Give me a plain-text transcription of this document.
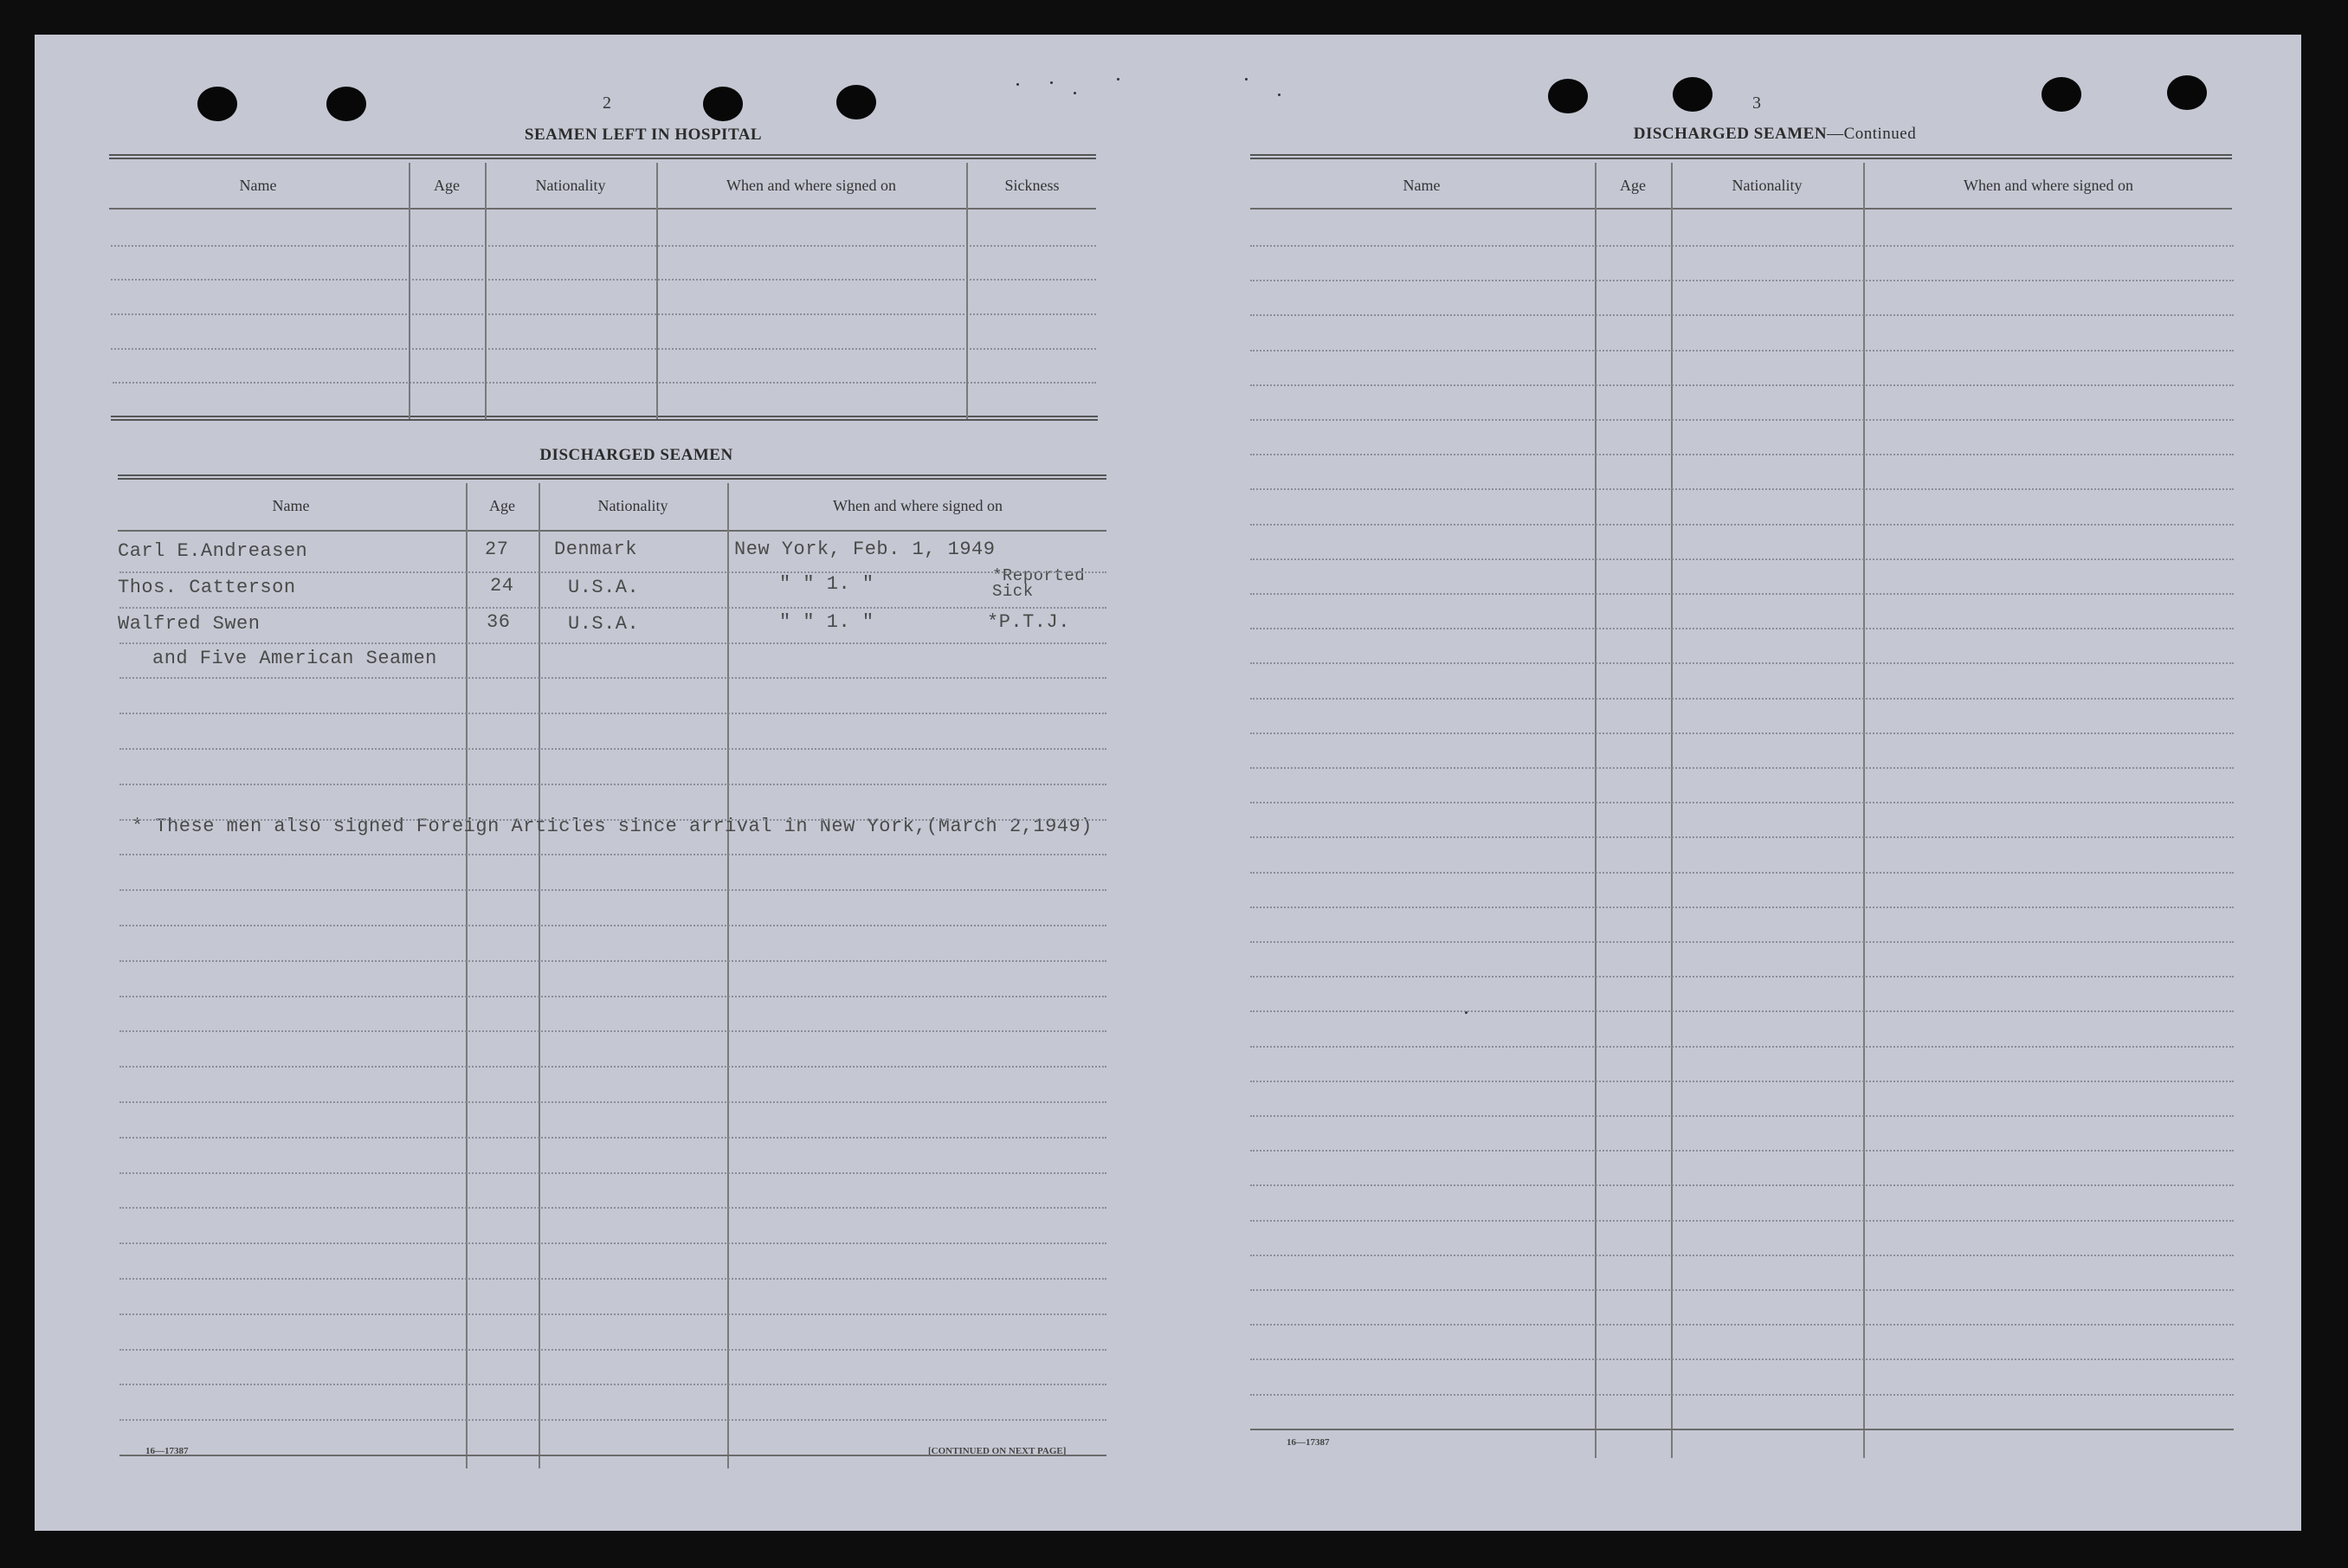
2
SEAMEN LEFT IN HOSPITAL
Name	Age	Nationality	When and where signed on	Sickness
DISCHARGED SEAMEN
Name	Age	Nationality	When and where signed on
Carl E.Andreasen	27 Denmark	New York, Feb. 1, 1949
Thos. Catterson	24	U.S.A.	" " 1. "	*Reported Sick
Walfred Swen	36	U.S.A.	" " 1. "	*P.T.J.
and Five American Seamen
* These men also signed Foreign Articles since arrival in New York,(March 2,1949)
16—17387	[CONTINUED ON NEXT PAGE]
3
DISCHARGED SEAMEN—Continued
Name	Age	Nationality	When and where signed on
16—17387
